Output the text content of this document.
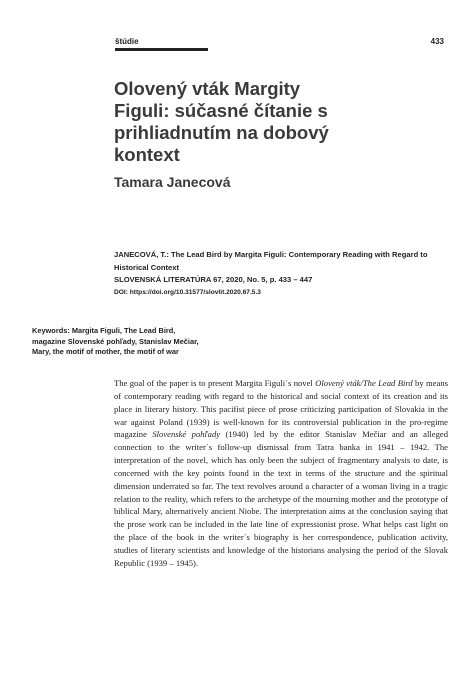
štúdie	433
Olovený vták Margity Figuli: súčasné čítanie s prihliadnutím na dobový kontext
Tamara Janecová
JANECOVÁ, T.: The Lead Bird by Margita Figuli: Contemporary Reading with Regard to Historical Context
SLOVENSKÁ LITERATÚRA 67, 2020, No. 5, p. 433 – 447
DOI: https://doi.org/10.31577/slovlit.2020.67.5.3
Keywords: Margita Figuli, The Lead Bird, magazine Slovenské pohľady, Stanislav Mečiar, Mary, the motif of mother, the motif of war

The goal of the paper is to present Margita Figuli´s novel Olovený vták/The Lead Bird by means of contemporary reading with regard to the historical and social context of its creation and its place in literary history. This pacifist piece of prose criticizing participation of Slovakia in the war against Poland (1939) is well-known for its controversial publication in the pro-regime magazine Slovenské pohľady (1940) led by the editor Stanislav Mečiar and an alleged connection to the writer´s follow-up dismissal from Tatra banka in 1941 – 1942. The interpretation of the novel, which has only been the subject of fragmentary analysis to date, is concerned with the key points found in the text in terms of the structure and the spiritual dimension underrated so far. The text revolves around a character of a woman living in a tragic relation to the reality, which refers to the archetype of the mourning mother and the prototype of biblical Mary, alternatively ancient Niobe. The interpretation aims at the conclusion saying that the prose work can be included in the late line of expressionist prose. What helps cast light on the place of the book in the writer´s biography is her correspondence, publication activity, studies of literary scientists and knowledge of the historians analysing the period of the Slovak Republic (1939 – 1945).
